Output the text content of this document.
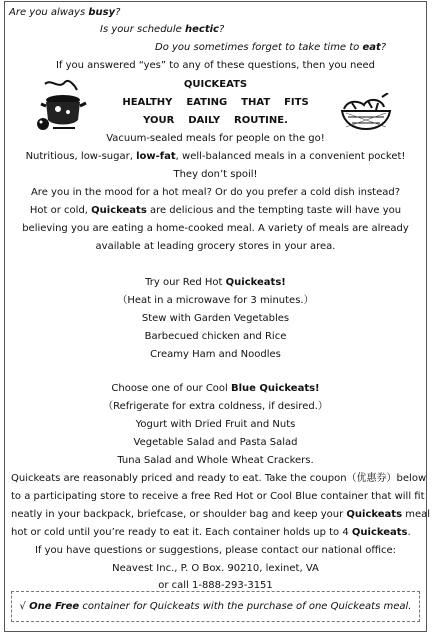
Are you always busy?
Is your schedule hectic?
Do you sometimes forget to take time to eat?
If you answered “yes” to any of these questions, then you need
QUICKEATS
HEALTHY    EATING    THAT    FITS
YOUR    DAILY    ROUTINE.
Vacuum-sealed meals for people on the go!
Nutritious, low-sugar, low-fat, well-balanced meals in a convenient pocket!
They don’t spoil!
Are you in the mood for a hot meal? Or do you prefer a cold dish instead?
Hot or cold, Quickeats are delicious and the tempting taste will have you
believing you are eating a home-cooked meal. A variety of meals are already
available at leading grocery stores in your area.
Try our Red Hot Quickeats!
（Heat in a microwave for 3 minutes.）
Stew with Garden Vegetables
Barbecued chicken and Rice
Creamy Ham and Noodles
Choose one of our Cool Blue Quickeats!
（Refrigerate for extra coldness, if desired.）
Yogurt with Dried Fruit and Nuts
Vegetable Salad and Pasta Salad
Tuna Salad and Whole Wheat Crackers.
Quickeats are reasonably priced and ready to eat. Take the coupon（优惠券）below
to a participating store to receive a free Red Hot or Cool Blue container that will fit
neatly in your backpack, briefcase, or shoulder bag and keep your Quickeats meal
hot or cold until you’re ready to eat it. Each container holds up to 4 Quickeats.
If you have questions or suggestions, please contact our national office:
Neavest Inc., P. O Box. 90210, lexinet, VA
or call 1-888-293-3151
√ One Free container for Quickeats with the purchase of one Quickeats meal.
